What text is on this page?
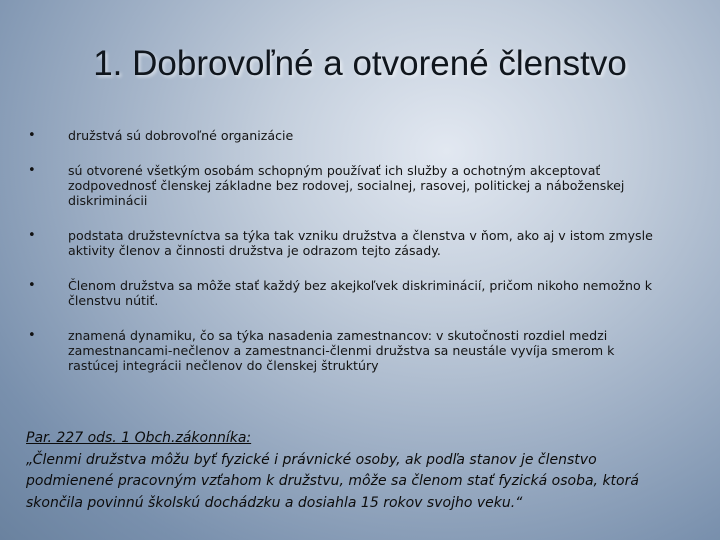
1. Dobrovoľné a otvorené členstvo
•	družstvá sú dobrovoľné organizácie
•	sú otvorené všetkým osobám schopným používať ich služby a ochotným akceptovať zodpovednosť členskej základne bez rodovej, socialnej, rasovej, politickej a náboženskej diskriminácii
•	podstata družstevníctva sa týka tak vzniku družstva a členstva v ňom, ako aj v istom zmysle aktivity členov a činnosti družstva je odrazom tejto zásady.
•	Členom družstva sa môže stať každý bez akejkoľvek diskriminácií, pričom nikoho nemožno k členstvu nútiť.
•	znamená dynamiku, čo sa týka nasadenia zamestnancov: v skutočnosti rozdiel medzi zamestnancami-nečlenov a zamestnanci-členmi družstva sa neustále vyvíja smerom k rastúcej integrácii nečlenov do členskej štruktúry
Par. 227 ods. 1 Obch.zákonníka:
„Členmi družstva môžu byť fyzické i právnické osoby, ak podľa stanov je členstvo
podmienené pracovným vzťahom k družstvu, môže sa členom stať fyzická osoba, ktorá
skončila povinnú školskú dochádzku a dosiahla 15 rokov svojho veku.“
